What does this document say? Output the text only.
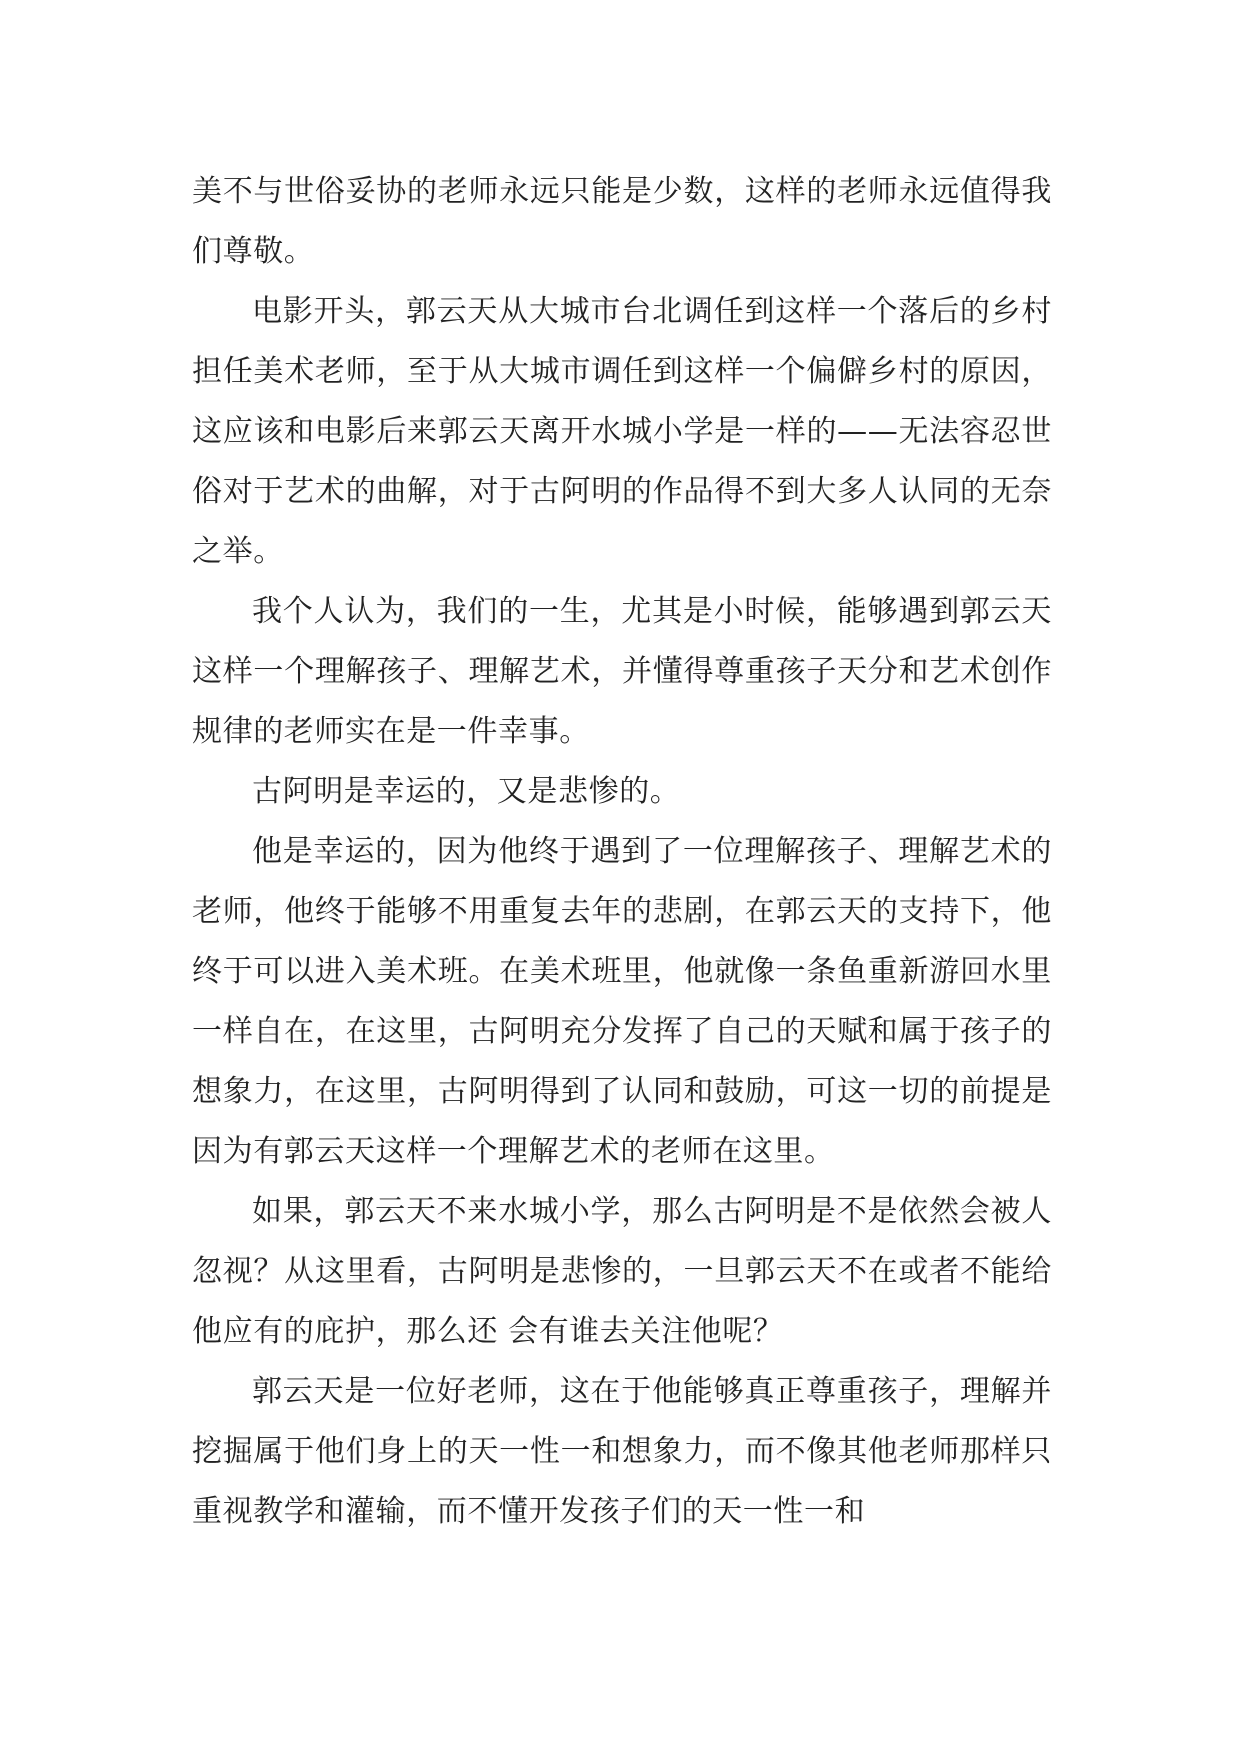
美不与世俗妥协的老师永远只能是少数，这样的老师永远值得我们尊敬。

电影开头，郭云天从大城市台北调任到这样一个落后的乡村担任美术老师，至于从大城市调任到这样一个偏僻乡村的原因，这应该和电影后来郭云天离开水城小学是一样的——无法容忍世俗对于艺术的曲解，对于古阿明的作品得不到大多人认同的无奈之举。

我个人认为，我们的一生，尤其是小时候，能够遇到郭云天这样一个理解孩子、理解艺术，并懂得尊重孩子天分和艺术创作规律的老师实在是一件幸事。

古阿明是幸运的，又是悲惨的。

他是幸运的，因为他终于遇到了一位理解孩子、理解艺术的老师，他终于能够不用重复去年的悲剧，在郭云天的支持下，他终于可以进入美术班。在美术班里，他就像一条鱼重新游回水里一样自在，在这里，古阿明充分发挥了自己的天赋和属于孩子的想象力，在这里，古阿明得到了认同和鼓励，可这一切的前提是因为有郭云天这样一个理解艺术的老师在这里。

如果，郭云天不来水城小学，那么古阿明是不是依然会被人忽视？从这里看，古阿明是悲惨的，一旦郭云天不在或者不能给他应有的庇护，那么还 会有谁去关注他呢？

郭云天是一位好老师，这在于他能够真正尊重孩子，理解并挖掘属于他们身上的天一性一和想象力，而不像其他老师那样只重视教学和灌输，而不懂开发孩子们的天一性一和
